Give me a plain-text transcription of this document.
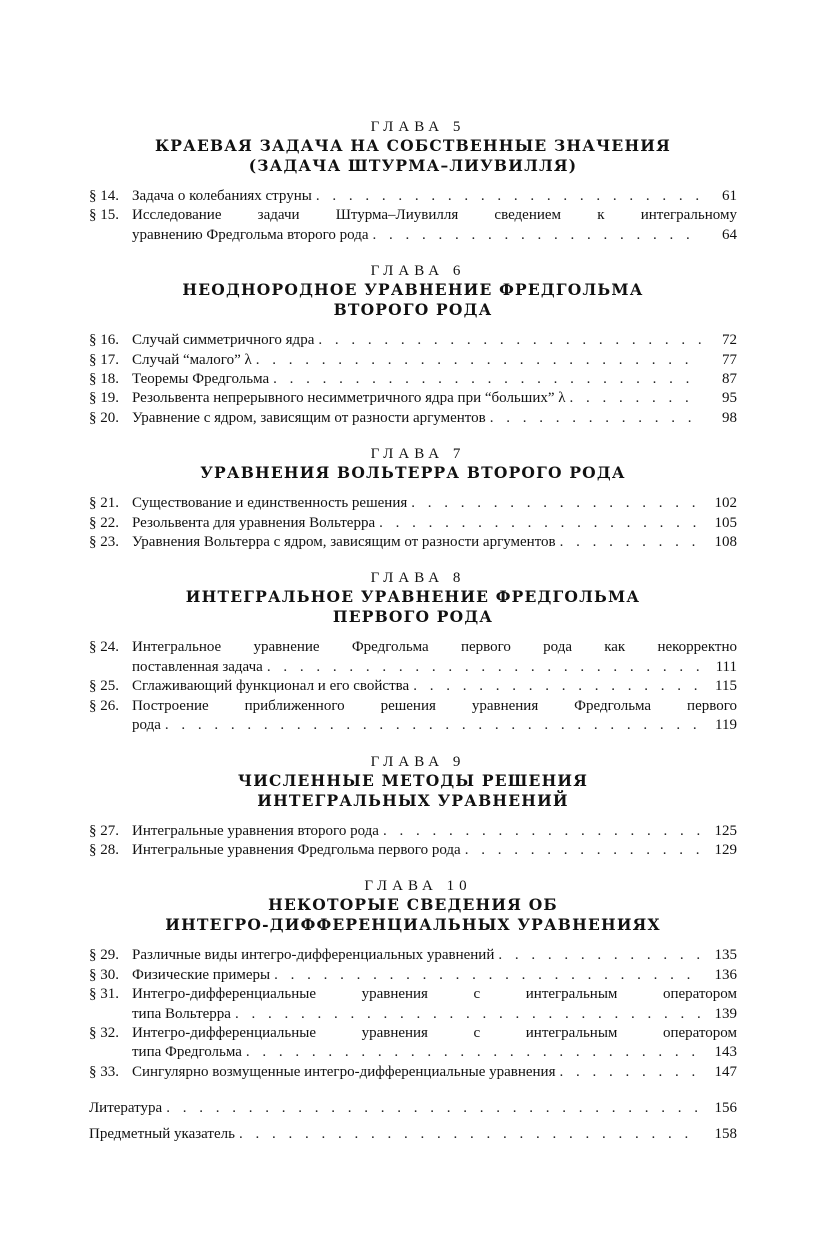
ГЛАВА 5
КРАЕВАЯ ЗАДАЧА НА СОБСТВЕННЫЕ ЗНАЧЕНИЯ
(ЗАДАЧА ШТУРМА–ЛИУВИЛЛЯ)
§ 14. Задача о колебаниях струны . . .	61
§ 15. Исследование задачи Штурма–Лиувилля сведением к интегральному
уравнению Фредгольма второго рода . . .	64
ГЛАВА 6
НЕОДНОРОДНОЕ УРАВНЕНИЕ ФРЕДГОЛЬМА
ВТОРОГО РОДА
§ 16. Случай симметричного ядра . . .	72
§ 17. Случай “малого” λ . . .	77
§ 18. Теоремы Фредгольма . . .	87
§ 19. Резольвента непрерывного несимметричного ядра при “больших” λ . . .	95
§ 20. Уравнение с ядром, зависящим от разности аргументов . . .	98
ГЛАВА 7
УРАВНЕНИЯ ВОЛЬТЕРРА ВТОРОГО РОДА
§ 21. Существование и единственность решения . . .	102
§ 22. Резольвента для уравнения Вольтерра . . .	105
§ 23. Уравнения Вольтерра с ядром, зависящим от разности аргументов . . .	108
ГЛАВА 8
ИНТЕГРАЛЬНОЕ УРАВНЕНИЕ ФРЕДГОЛЬМА
ПЕРВОГО РОДА
§ 24. Интегральное уравнение Фредгольма первого рода как некорректно
поставленная задача . . .	111
§ 25. Сглаживающий функционал и его свойства . . .	115
§ 26. Построение приближенного решения уравнения Фредгольма первого
рода . . .	119
ГЛАВА 9
ЧИСЛЕННЫЕ МЕТОДЫ РЕШЕНИЯ
ИНТЕГРАЛЬНЫХ УРАВНЕНИЙ
§ 27. Интегральные уравнения второго рода . . .	125
§ 28. Интегральные уравнения Фредгольма первого рода . . .	129
ГЛАВА 10
НЕКОТОРЫЕ СВЕДЕНИЯ ОБ
ИНТЕГРО-ДИФФЕРЕНЦИАЛЬНЫХ УРАВНЕНИЯХ
§ 29. Различные виды интегро-дифференциальных уравнений . . .	135
§ 30. Физические примеры . . .	136
§ 31. Интегро-дифференциальные уравнения с интегральным оператором
типа Вольтерра . . .	139
§ 32. Интегро-дифференциальные уравнения с интегральным оператором
типа Фредгольма . . .	143
§ 33. Сингулярно возмущенные интегро-дифференциальные уравнения . . .	147
Литература . . .	156
Предметный указатель . . .	158
